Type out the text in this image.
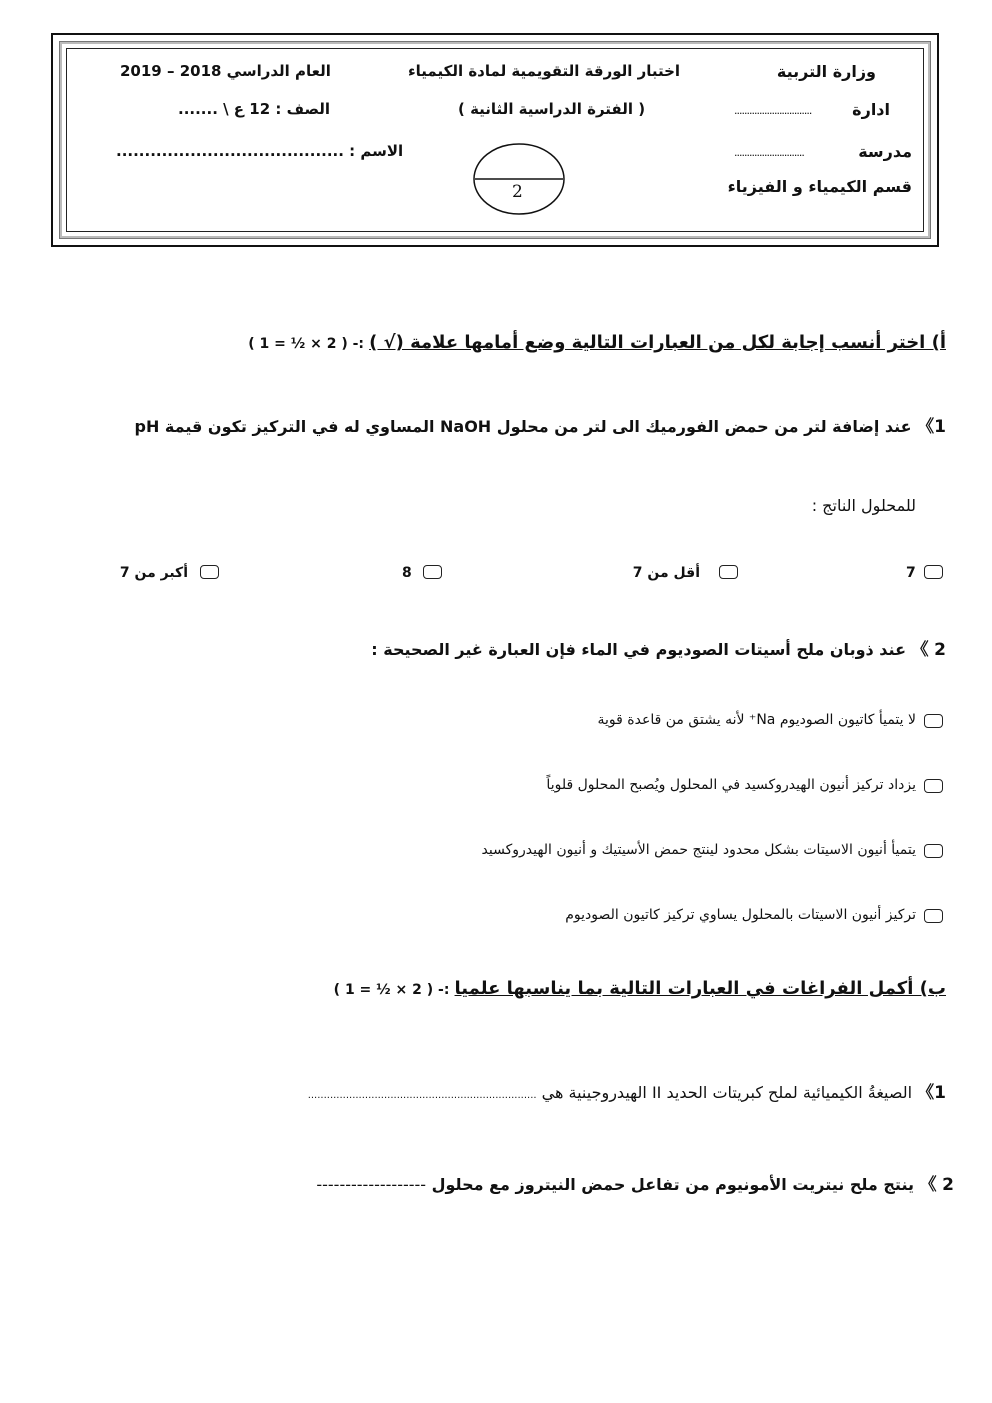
وزارة التربية
ادارة
...............................
مدرسة
............................
قسم الكيمياء و الفيزياء
اختبار الورقة التقويمية لمادة الكيمياء
( الفترة الدراسية الثانية )
2
العام الدراسي 2018 – 2019
الصف : 12 ع \ .......
الاسم : ........................................
أ) اختر أنسب إجابة لكل من العبارات التالية وضع أمامها علامة (√ ) :- ( 2 × ½ = 1 )
1》 عند إضافة لتر من حمض الفورميك الى لتر من محلول NaOH المساوي له في التركيز تكون قيمة pH
للمحلول الناتج :
7
أقل من 7
8
أكبر من 7
2 》 عند ذوبان ملح أسيتات الصوديوم في الماء فإن العبارة غير الصحيحة :
لا يتميأ كاتيون الصوديوم Na⁺ لأنه يشتق من قاعدة قوية
يزداد تركيز أنيون الهيدروكسيد في المحلول ويُصبح المحلول قلوياً
يتميأ أنيون الاسيتات بشكل محدود لينتج حمض الأسيتيك و أنيون الهيدروكسيد
تركيز أنيون الاسيتات بالمحلول يساوي تركيز كاتيون الصوديوم
ب) أكمل الفراغات في العبارات التالية بما يناسبها علميا :- ( 2 × ½ = 1 )
1》 الصيغةُ الكيميائية لملح كبريتات الحديد II الهيدروجينية هي ........................................................................
2 》 ينتج ملح نيتريت الأمونيوم من تفاعل حمض النيتروز مع محلول -------------------
